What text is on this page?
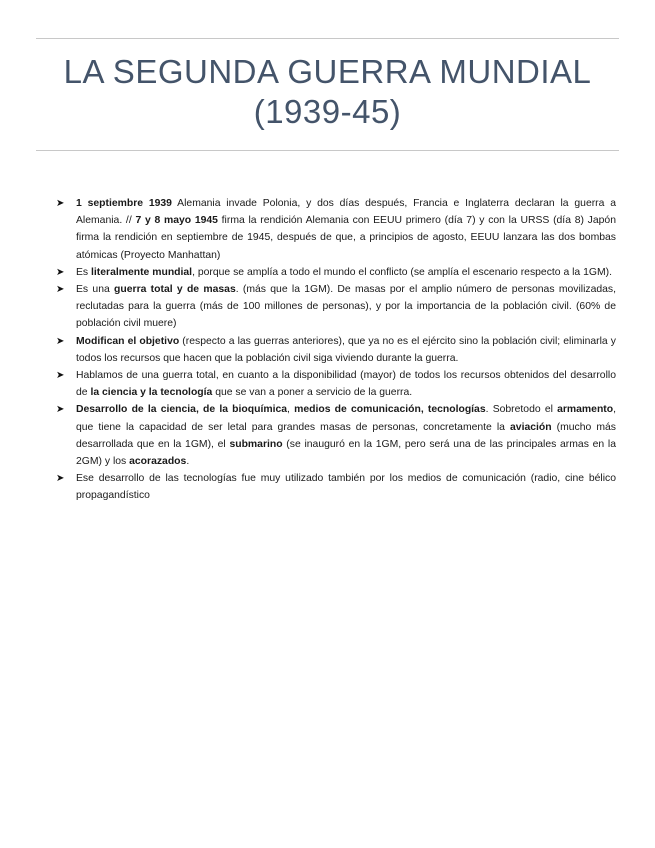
LA SEGUNDA GUERRA MUNDIAL
(1939-45)
➤ 1 septiembre 1939 Alemania invade Polonia, y dos días después, Francia e Inglaterra declaran la guerra a Alemania. // 7 y 8 mayo 1945 firma la rendición Alemania con EEUU primero (día 7) y con la URSS (día 8) Japón firma la rendición en septiembre de 1945, después de que, a principios de agosto, EEUU lanzara las dos bombas atómicas (Proyecto Manhattan)
➤ Es literalmente mundial, porque se amplía a todo el mundo el conflicto (se amplía el escenario respecto a la 1GM).
➤ Es una guerra total y de masas. (más que la 1GM). De masas por el amplio número de personas movilizadas, reclutadas para la guerra (más de 100 millones de personas), y por la importancia de la población civil. (60% de población civil muere)
➤ Modifican el objetivo (respecto a las guerras anteriores), que ya no es el ejército sino la población civil; eliminarla y todos los recursos que hacen que la población civil siga viviendo durante la guerra.
➤ Hablamos de una guerra total, en cuanto a la disponibilidad (mayor) de todos los recursos obtenidos del desarrollo de la ciencia y la tecnología que se van a poner a servicio de la guerra.
➤ Desarrollo de la ciencia, de la bioquímica, medios de comunicación, tecnologías. Sobretodo el armamento, que tiene la capacidad de ser letal para grandes masas de personas, concretamente la aviación (mucho más desarrollada que en la 1GM), el submarino (se inauguró en la 1GM, pero será una de las principales armas en la 2GM) y los acorazados.
➤ Ese desarrollo de las tecnologías fue muy utilizado también por los medios de comunicación (radio, cine bélico propagandístico
